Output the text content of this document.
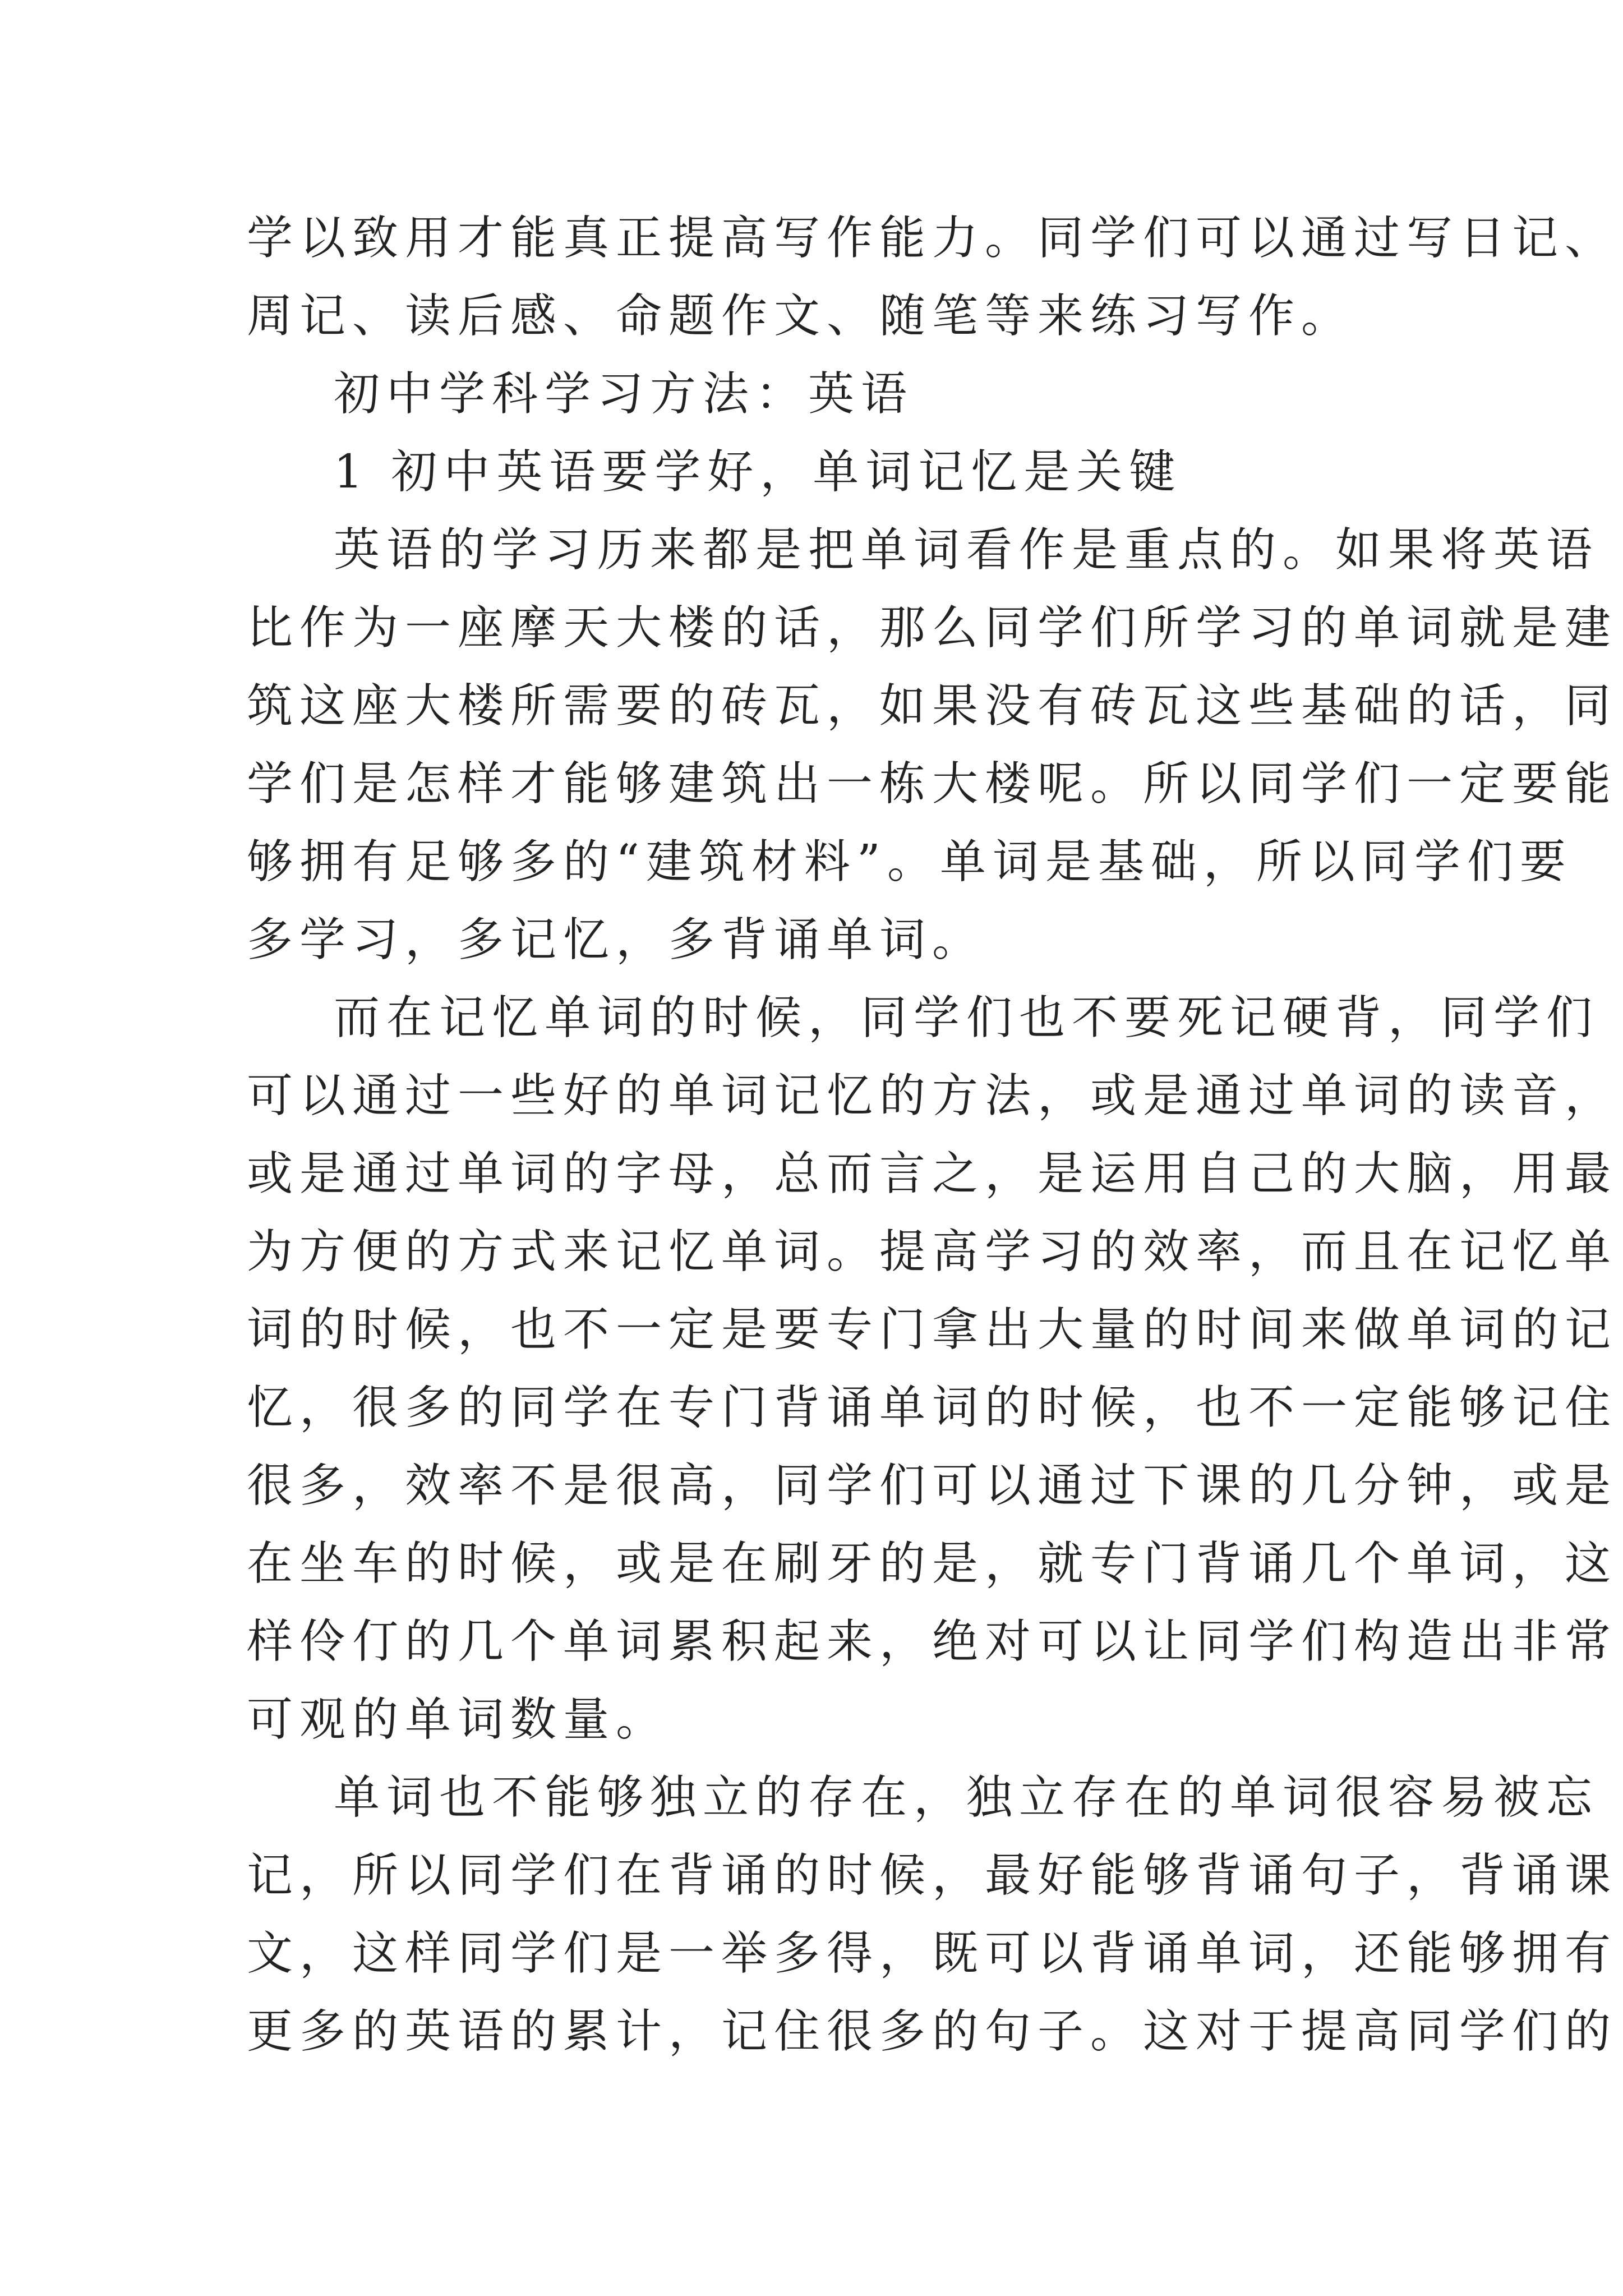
学以致用才能真正提高写作能力。同学们可以通过写日记、

周记、读后感、命题作文、随笔等来练习写作。

初中学科学习方法：英语

1 初中英语要学好，单词记忆是关键

英语的学习历来都是把单词看作是重点的。如果将英语

比作为一座摩天大楼的话，那么同学们所学习的单词就是建

筑这座大楼所需要的砖瓦，如果没有砖瓦这些基础的话，同

学们是怎样才能够建筑出一栋大楼呢。所以同学们一定要能

够拥有足够多的“建筑材料”。单词是基础，所以同学们要

多学习，多记忆，多背诵单词。

而在记忆单词的时候，同学们也不要死记硬背，同学们

可以通过一些好的单词记忆的方法，或是通过单词的读音，

或是通过单词的字母，总而言之，是运用自己的大脑，用最

为方便的方式来记忆单词。提高学习的效率，而且在记忆单

词的时候，也不一定是要专门拿出大量的时间来做单词的记

忆，很多的同学在专门背诵单词的时候，也不一定能够记住

很多，效率不是很高，同学们可以通过下课的几分钟，或是

在坐车的时候，或是在刷牙的是，就专门背诵几个单词，这

样伶仃的几个单词累积起来，绝对可以让同学们构造出非常

可观的单词数量。

单词也不能够独立的存在，独立存在的单词很容易被忘

记，所以同学们在背诵的时候，最好能够背诵句子，背诵课

文，这样同学们是一举多得，既可以背诵单词，还能够拥有

更多的英语的累计，记住很多的句子。这对于提高同学们的
